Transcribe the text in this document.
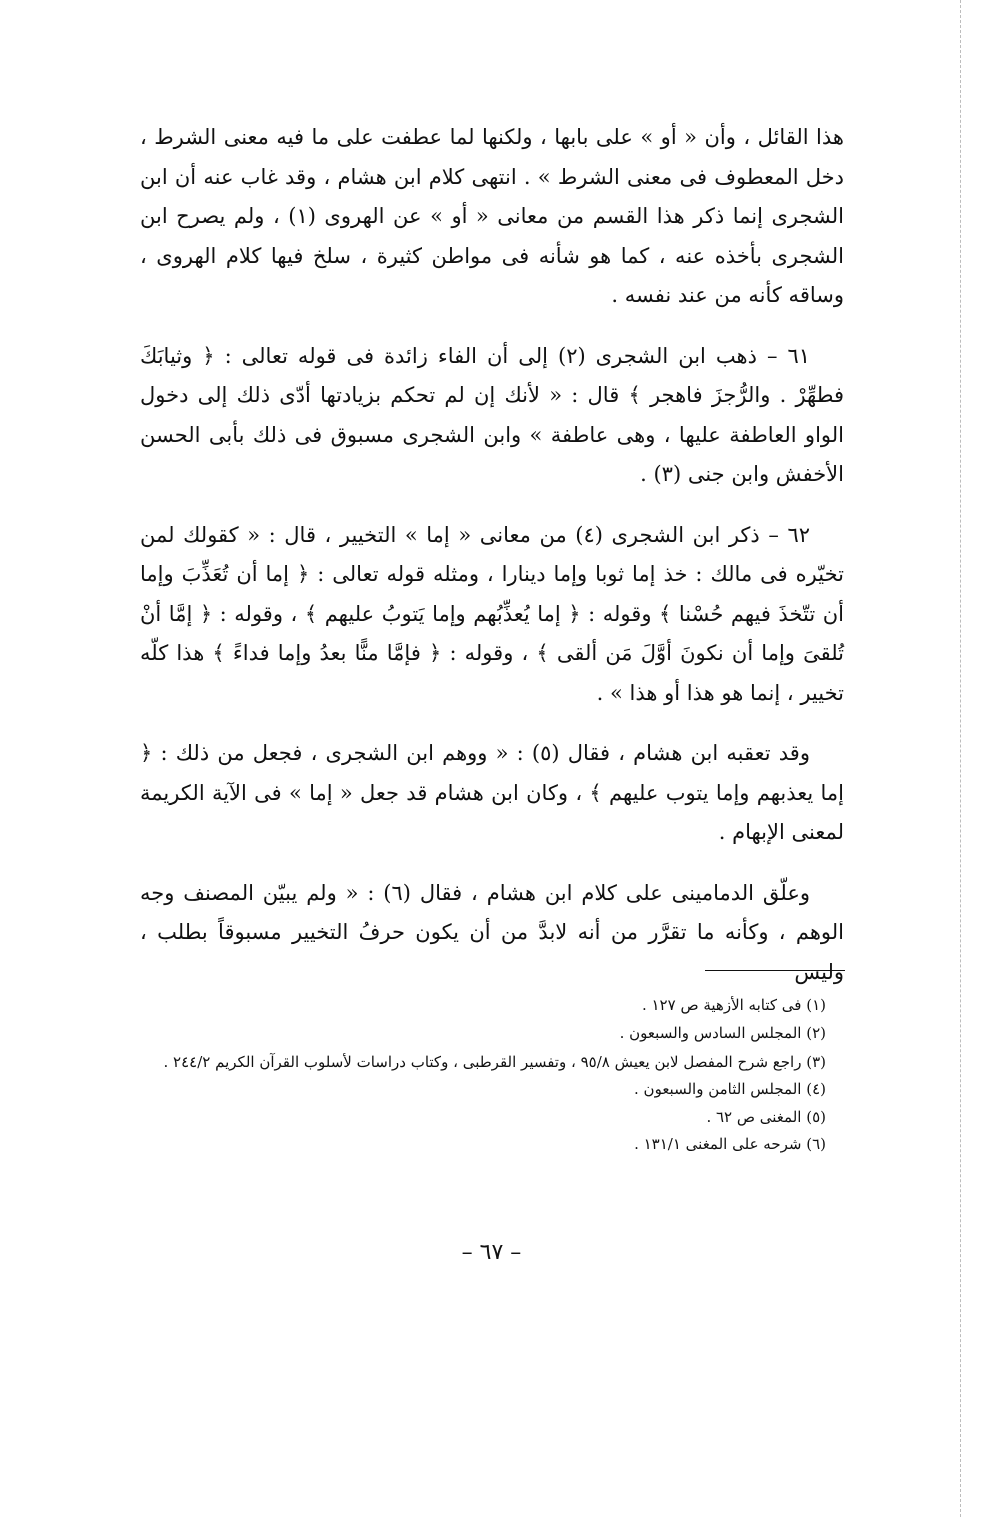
هذا القائل ، وأن « أو » على بابها ، ولكنها لما عطفت على ما فيه معنى الشرط ، دخل المعطوف فى معنى الشرط » . انتهى كلام ابن هشام ، وقد غاب عنه أن ابن الشجرى إنما ذكر هذا القسم من معانى « أو » عن الهروى (١) ، ولم يصرح ابن الشجرى بأخذه عنه ، كما هو شأنه فى مواطن كثيرة ، سلخ فيها كلام الهروى ، وساقه كأنه من عند نفسه .

٦١ – ذهب ابن الشجرى (٢) إلى أن الفاء زائدة فى قوله تعالى : ﴿ وثيابَكَ فطهِّرْ . والرُّجزَ فاهجر ﴾ قال : « لأنك إن لم تحكم بزيادتها أدّى ذلك إلى دخول الواو العاطفة عليها ، وهى عاطفة » وابن الشجرى مسبوق فى ذلك بأبى الحسن الأخفش وابن جنى (٣) .

٦٢ – ذكر ابن الشجرى (٤) من معانى « إما » التخيير ، قال : « كقولك لمن تخيّره فى مالك : خذ إما ثوبا وإما دينارا ، ومثله قوله تعالى : ﴿ إما أن تُعَذِّبَ وإما أن تتّخذَ فيهم حُسْنا ﴾ وقوله : ﴿ إما يُعذِّبُهم وإما يَتوبُ عليهم ﴾ ، وقوله : ﴿ إمَّا أنْ تُلقىَ وإما أن نكونَ أوَّلَ مَن ألقى ﴾ ، وقوله : ﴿ فإمَّا منًّا بعدُ وإما فداءً ﴾ هذا كلّه تخيير ، إنما هو هذا أو هذا » .

وقد تعقبه ابن هشام ، فقال (٥) : « ووهم ابن الشجرى ، فجعل من ذلك : ﴿ إما يعذبهم وإما يتوب عليهم ﴾ ، وكان ابن هشام قد جعل « إما » فى الآية الكريمة لمعنى الإبهام .

وعلّق الدمامينى على كلام ابن هشام ، فقال (٦) : « ولم يبيّن المصنف وجه الوهم ، وكأنه ما تقرَّر من أنه لابدَّ من أن يكون حرفُ التخيير مسبوقاً بطلب ، وليس

(١) فى كتابه الأزهية ص ١٢٧ .

(٢) المجلس السادس والسبعون .

(٣) راجع شرح المفصل لابن يعيش ٩٥/٨ ، وتفسير القرطبى ، وكتاب دراسات لأسلوب القرآن الكريم ٢٤٤/٢ .

(٤) المجلس الثامن والسبعون .

(٥) المغنى ص ٦٢ .

(٦) شرحه على المغنى ١٣١/١ .

– ٦٧ –
